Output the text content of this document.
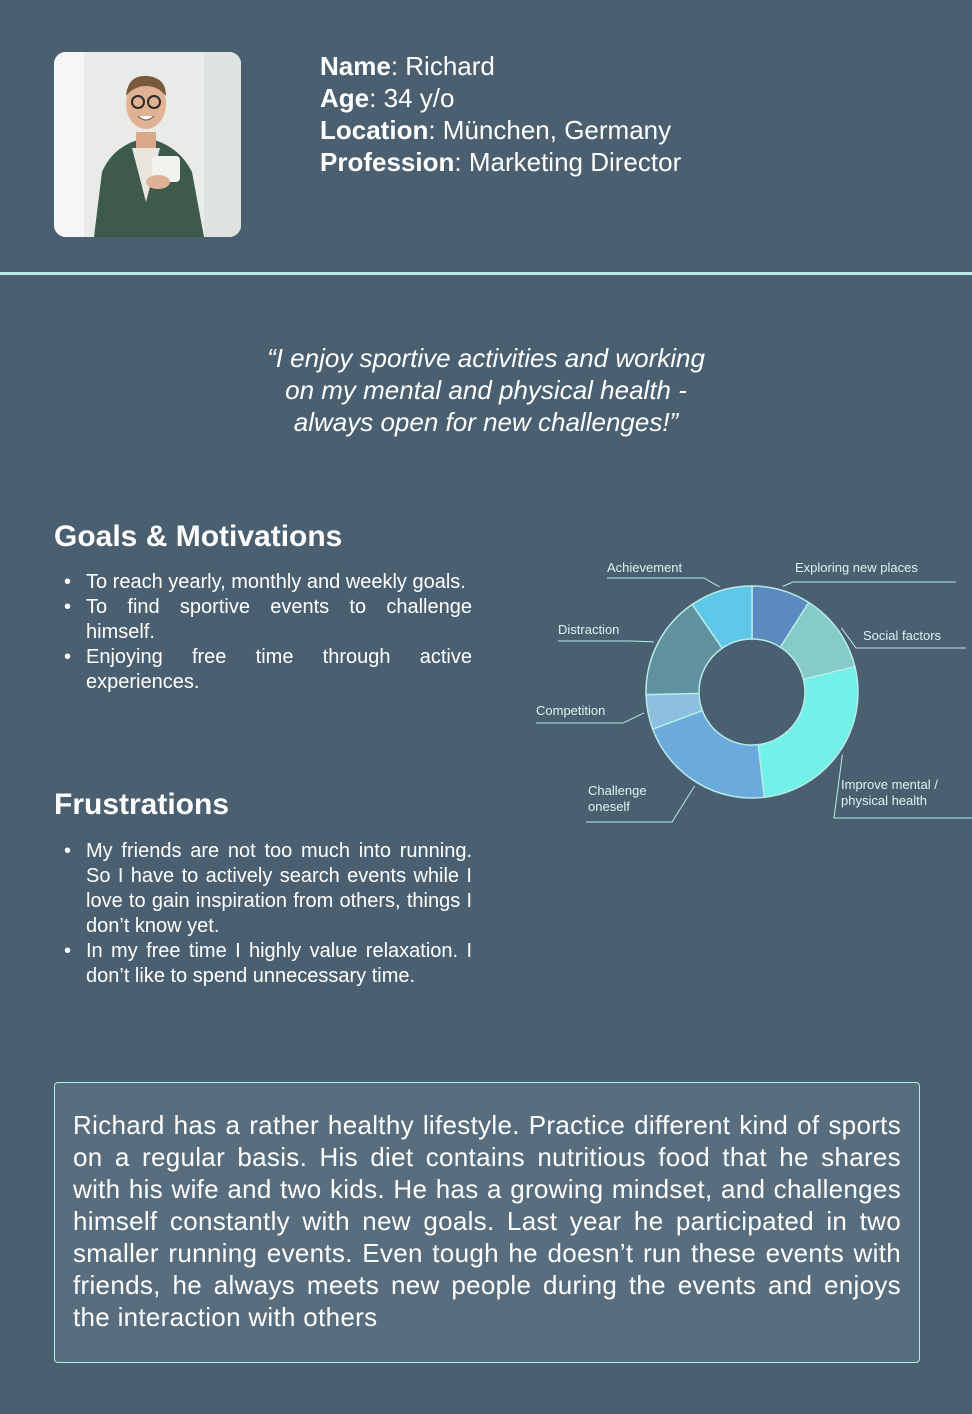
Name: Richard
Age: 34 y/o
Location: München, Germany
Profession: Marketing Director
“I enjoy sportive activities and working
on my mental and physical health -
always open for new challenges!”
Goals & Motivations
• To reach yearly, monthly and weekly goals.
• To find sportive events to challenge himself.
• Enjoying free time through active experiences.
Frustrations
• My friends are not too much into running. So I have to actively search events while I love to gain inspiration from others, things I don’t know yet.
• In my free time I highly value relaxation. I don’t like to spend unnecessary time.
Exploring new places
Social factors
Improve mental / physical health
Challenge oneself
Competition
Distraction
Achievement

Richard has a rather healthy lifestyle. Practice different kind of sports on a regular basis. His diet contains nutritious food that he shares with his wife and two kids. He has a growing mindset, and challenges himself constantly with new goals. Last year he participated in two smaller running events. Even tough he doesn’t run these events with friends, he always meets new people during the events and enjoys the interaction with others
